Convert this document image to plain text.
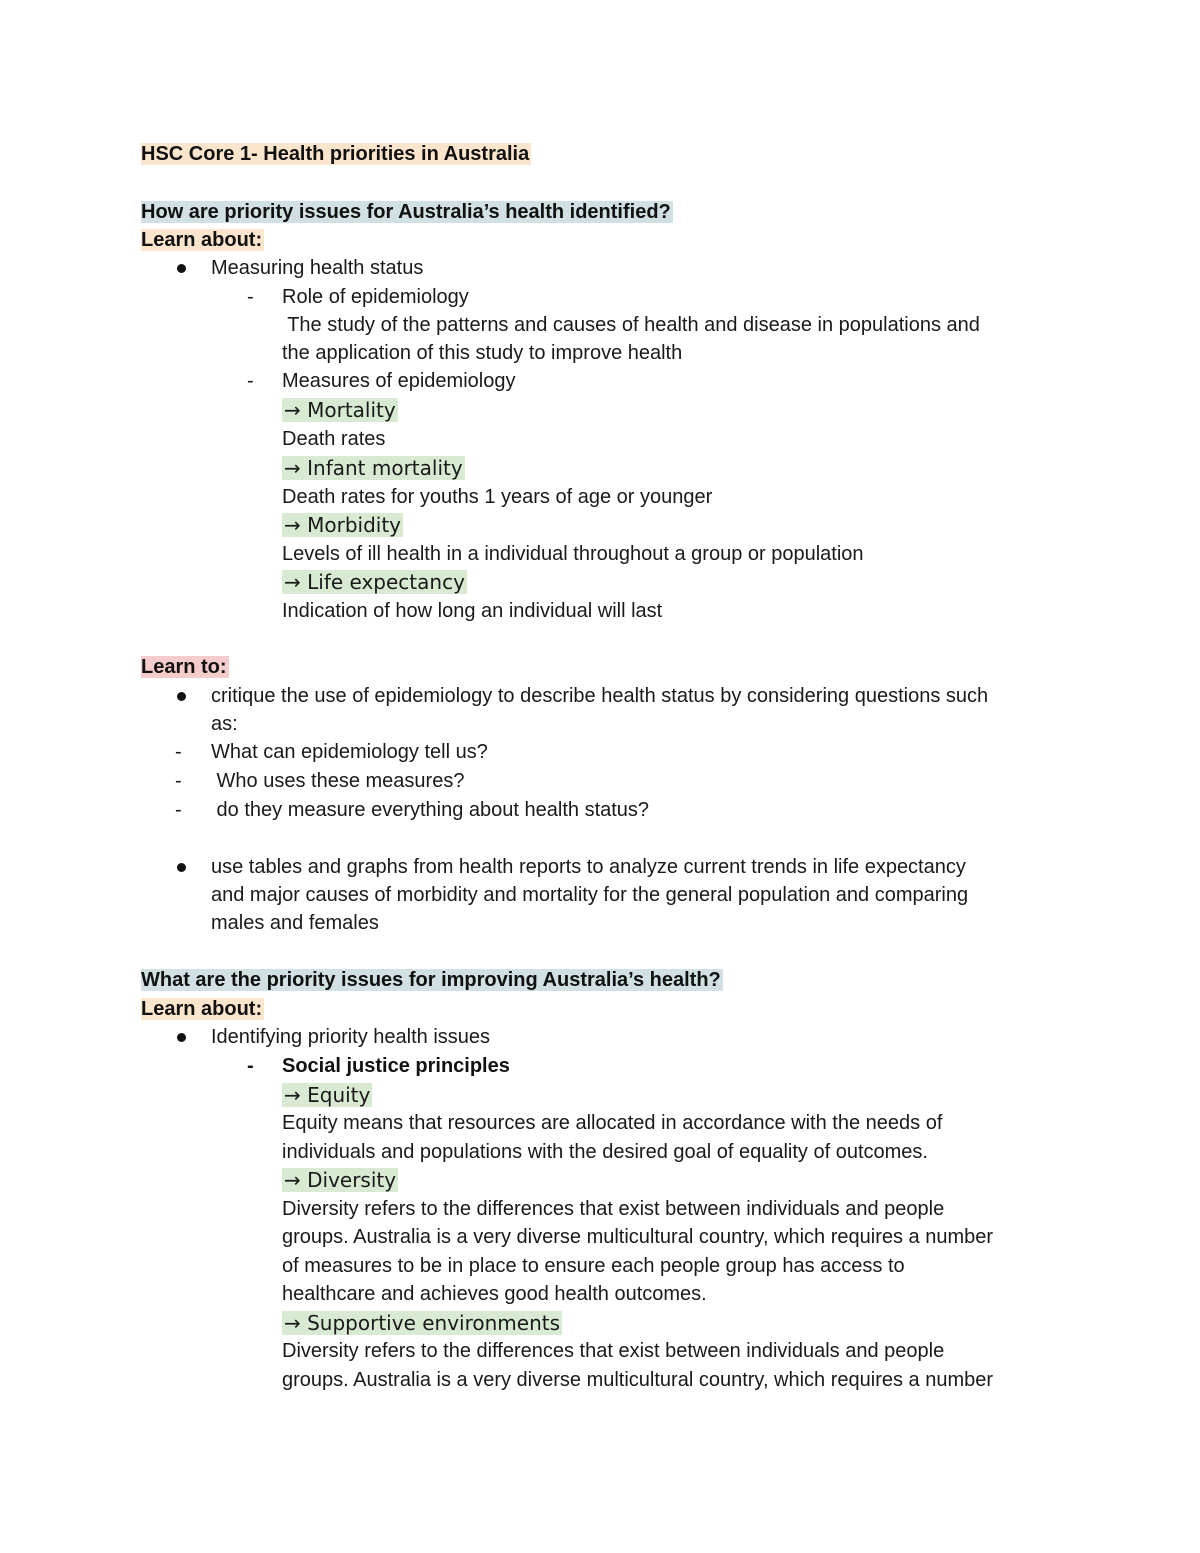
HSC Core 1- Health priorities in Australia
How are priority issues for Australia’s health identified?
Learn about:
Measuring health status
- Role of epidemiology
The study of the patterns and causes of health and disease in populations and
the application of this study to improve health
- Measures of epidemiology
→ Mortality
Death rates
→ Infant mortality
Death rates for youths 1 years of age or younger
→ Morbidity
Levels of ill health in a individual throughout a group or population
→ Life expectancy
Indication of how long an individual will last
Learn to:
critique the use of epidemiology to describe health status by considering questions such
as:
- What can epidemiology tell us?
- Who uses these measures?
- do they measure everything about health status?
use tables and graphs from health reports to analyze current trends in life expectancy
and major causes of morbidity and mortality for the general population and comparing
males and females
What are the priority issues for improving Australia’s health?
Learn about:
Identifying priority health issues
- Social justice principles
→ Equity
Equity means that resources are allocated in accordance with the needs of
individuals and populations with the desired goal of equality of outcomes.
→ Diversity
Diversity refers to the differences that exist between individuals and people
groups. Australia is a very diverse multicultural country, which requires a number
of measures to be in place to ensure each people group has access to
healthcare and achieves good health outcomes.
→ Supportive environments
Diversity refers to the differences that exist between individuals and people
groups. Australia is a very diverse multicultural country, which requires a number
